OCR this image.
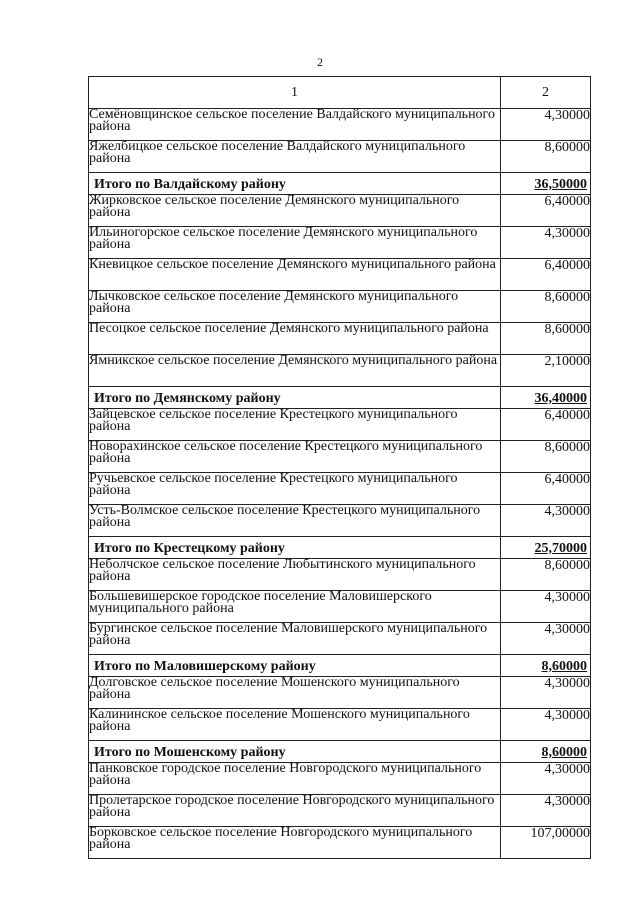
2
1	2
Семёновщинское сельское поселение Валдайского муниципального района	4,30000
Яжелбицкое сельское поселение Валдайского муниципального района	8,60000
Итого по Валдайскому району	36,50000
Жирковское сельское поселение Демянского муниципального района	6,40000
Ильиногорское сельское поселение Демянского муниципального района	4,30000
Кневицкое сельское поселение Демянского муниципального района	6,40000
Лычковское сельское поселение Демянского муниципального района	8,60000
Песоцкое сельское поселение Демянского муниципального района	8,60000
Ямникское сельское поселение Демянского муниципального района	2,10000
Итого по Демянскому району	36,40000
Зайцевское сельское поселение Крестецкого муниципального района	6,40000
Новорахинское сельское поселение Крестецкого муниципального района	8,60000
Ручьевское сельское поселение Крестецкого муниципального района	6,40000
Усть-Волмское сельское поселение Крестецкого муниципального района	4,30000
Итого по Крестецкому району	25,70000
Неболчское сельское поселение Любытинского муниципального района	8,60000
Большевишерское городское поселение Маловишерского муниципального района	4,30000
Бургинское сельское поселение Маловишерского муниципального района	4,30000
Итого по Маловишерскому району	8,60000
Долговское сельское поселение Мошенского муниципального района	4,30000
Калининское сельское поселение Мошенского муниципального района	4,30000
Итого по Мошенскому району	8,60000
Панковское городское поселение Новгородского муниципального района	4,30000
Пролетарское городское поселение Новгородского муниципального района	4,30000
Борковское сельское поселение Новгородского муниципального района	107,00000
